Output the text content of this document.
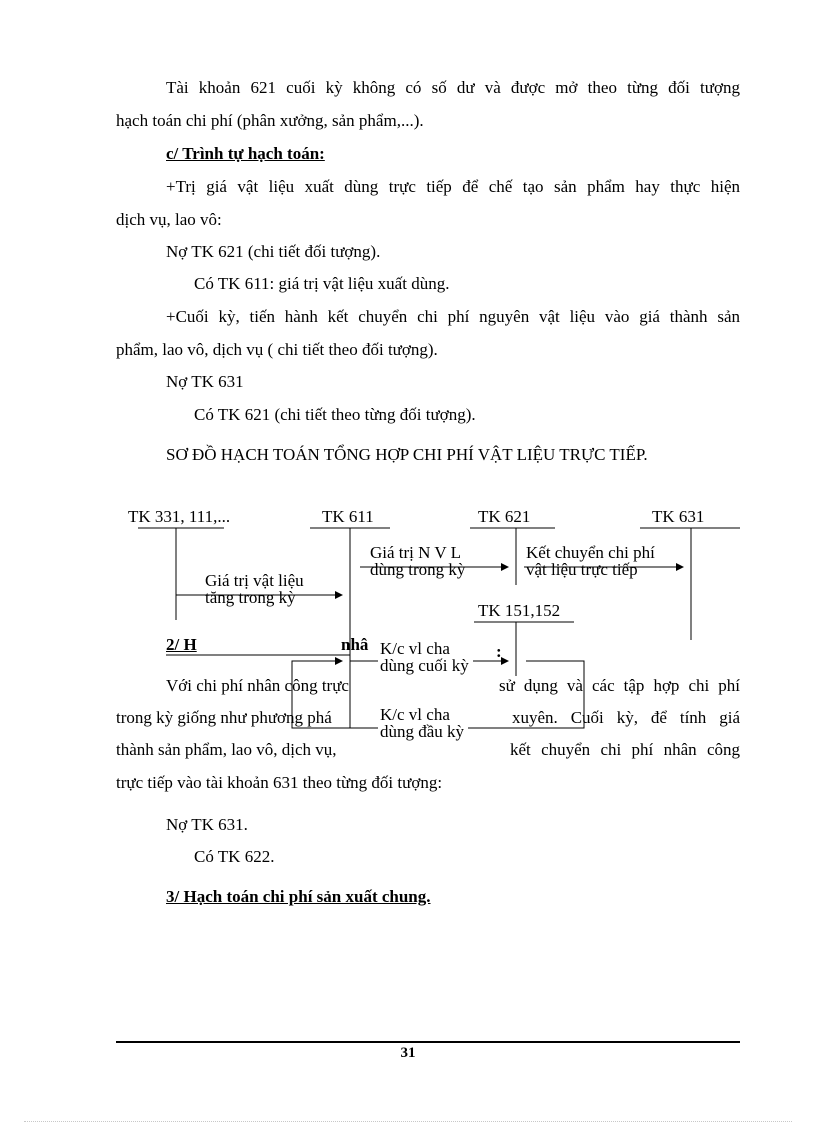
Tài khoản 621 cuối kỳ không có số dư và được mở theo từng đối tượng
hạch toán chi phí (phân xưởng, sản phẩm,...).
c/ Trình tự hạch toán:
+Trị giá vật liệu xuất dùng trực tiếp để chế tạo sản phẩm hay thực hiện
dịch vụ, lao vô:
Nợ TK 621 (chi tiết đối tượng).
Có TK 611: giá trị vật liệu xuất dùng.
+Cuối kỳ, tiến hành kết chuyển chi phí nguyên vật liệu vào giá thành sản
phẩm, lao vô, dịch vụ ( chi tiết theo đối tượng).
Nợ TK 631
Có TK 621 (chi tiết theo từng đối tượng).
SƠ ĐỒ HẠCH TOÁN TỔNG HỢP CHI PHÍ VẬT LIỆU TRỰC TIẾP.
2/ H	nhâ	:
Với chi phí nhân công trực	sử dụng và các tập hợp chi phí
trong kỳ giống như phương phá	xuyên. Cuối kỳ, để tính giá
thành sản phẩm, lao vô, dịch vụ,	kết chuyển chi phí nhân công
trực tiếp vào tài khoản 631 theo từng đối tượng:
Nợ TK 631.
Có TK 622.
3/ Hạch toán chi phí sản xuất chung.
TK 331, 111,...	TK 611	TK 621	TK 631
TK 151,152
Giá trị vật liệu
tăng trong kỳ
Giá trị N V L
dùng trong kỳ
Kết chuyển chi phí
vật liệu trực tiếp
K/c vl cha
dùng cuối kỳ
K/c vl cha
dùng đầu kỳ
31
